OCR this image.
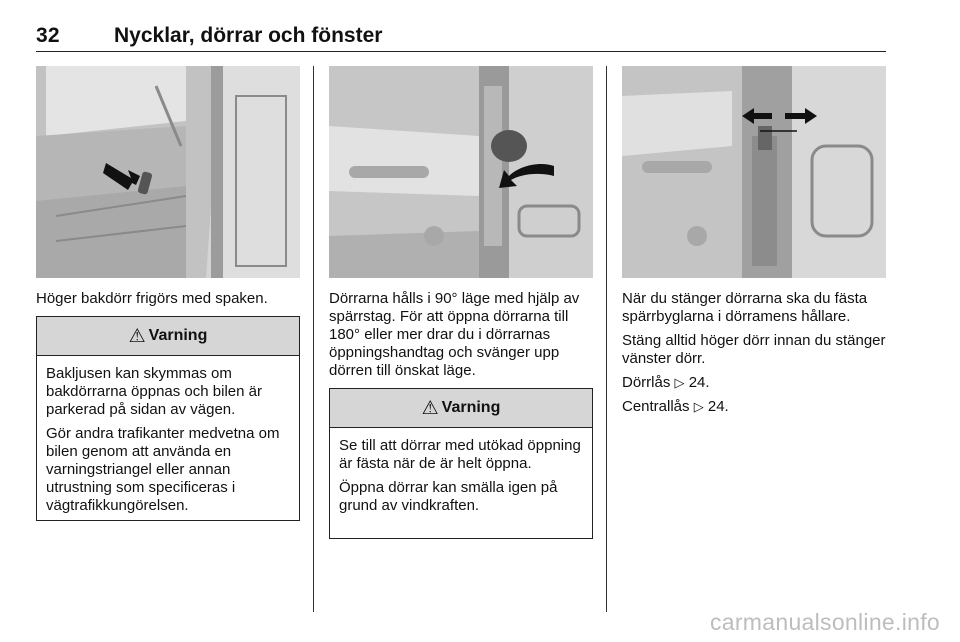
32	Nycklar, dörrar och fönster

Höger bakdörr frigörs med spaken.

⚠ Varning

Bakljusen kan skymmas om bakdörrarna öppnas och bilen är parkerad på sidan av vägen.

Gör andra trafikanter medvetna om bilen genom att använda en varningstriangel eller annan utrustning som specificeras i vägtrafikkungörelsen.

Dörrarna hålls i 90° läge med hjälp av spärrstag. För att öppna dörrarna till 180° eller mer drar du i dörrarnas öppningshandtag och svänger upp dörren till önskat läge.

⚠ Varning

Se till att dörrar med utökad öppning är fästa när de är helt öppna.

Öppna dörrar kan smälla igen på grund av vindkraften.

När du stänger dörrarna ska du fästa spärrbyglarna i dörramens hållare.

Stäng alltid höger dörr innan du stänger vänster dörr.

Dörrlås ▷ 24.

Centrallås ▷ 24.

carmanualsonline.info
